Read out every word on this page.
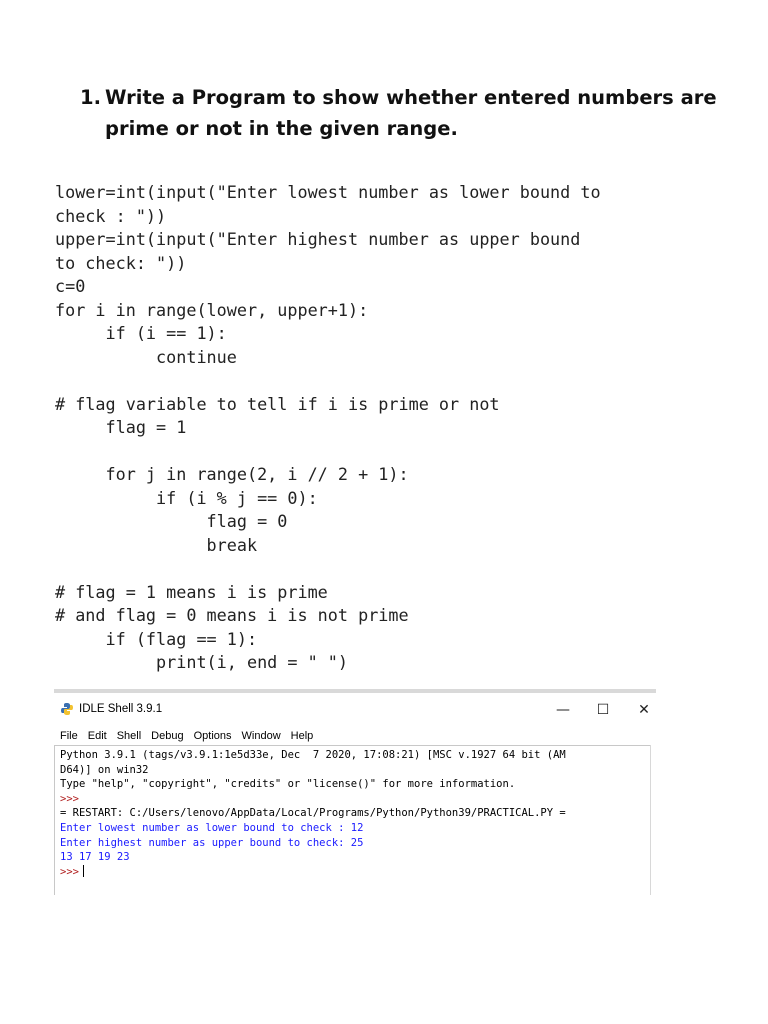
1. Write a Program to show whether entered numbers are
prime or not in the given range.
lower=int(input("Enter lowest number as lower bound to
check : "))
upper=int(input("Enter highest number as upper bound
to check: "))
c=0
for i in range(lower, upper+1):
if (i == 1):
continue
# flag variable to tell if i is prime or not
flag = 1
for j in range(2, i // 2 + 1):
if (i % j == 0):
flag = 0
break
# flag = 1 means i is prime
# and flag = 0 means i is not prime
if (flag == 1):
print(i, end = " ")
IDLE Shell 3.9.1	—	☐	✕
File Edit Shell Debug Options Window Help
Python 3.9.1 (tags/v3.9.1:1e5d33e, Dec  7 2020, 17:08:21) [MSC v.1927 64 bit (AM
D64)] on win32
Type "help", "copyright", "credits" or "license()" for more information.
>>>
= RESTART: C:/Users/lenovo/AppData/Local/Programs/Python/Python39/PRACTICAL.PY =
Enter lowest number as lower bound to check : 12
Enter highest number as upper bound to check: 25
13 17 19 23
>>>
